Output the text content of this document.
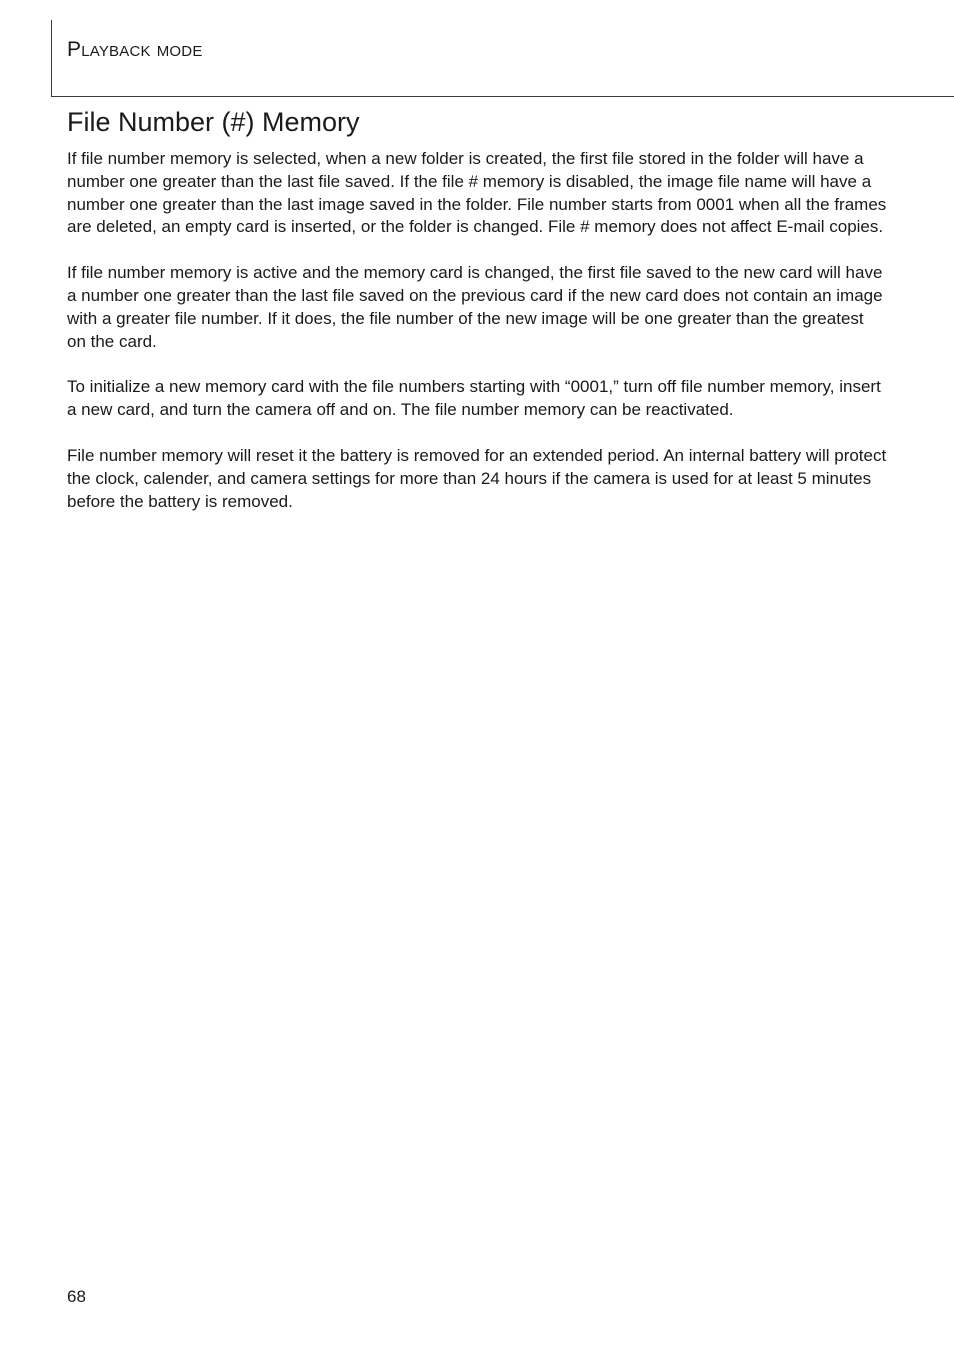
Playback mode
File Number (#) Memory

If file number memory is selected, when a new folder is created, the first file stored in the folder will have a number one greater than the last file saved. If the file # memory is disabled, the image file name will have a number one greater than the last image saved in the folder. File number starts from 0001 when all the frames are deleted, an empty card is inserted, or the folder is changed. File # memory does not affect E-mail copies.

If file number memory is active and the memory card is changed, the first file saved to the new card will have a number one greater than the last file saved on the previous card if the new card does not contain an image with a greater file number. If it does, the file number of the new image will be one greater than the greatest on the card.

To initialize a new memory card with the file numbers starting with “0001,” turn off file number memory, insert a new card, and turn the camera off and on. The file number memory can be reactivated.

File number memory will reset it the battery is removed for an extended period. An internal battery will protect the clock, calender, and camera settings for more than 24 hours if the camera is used for at least 5 minutes before the battery is removed.

68
